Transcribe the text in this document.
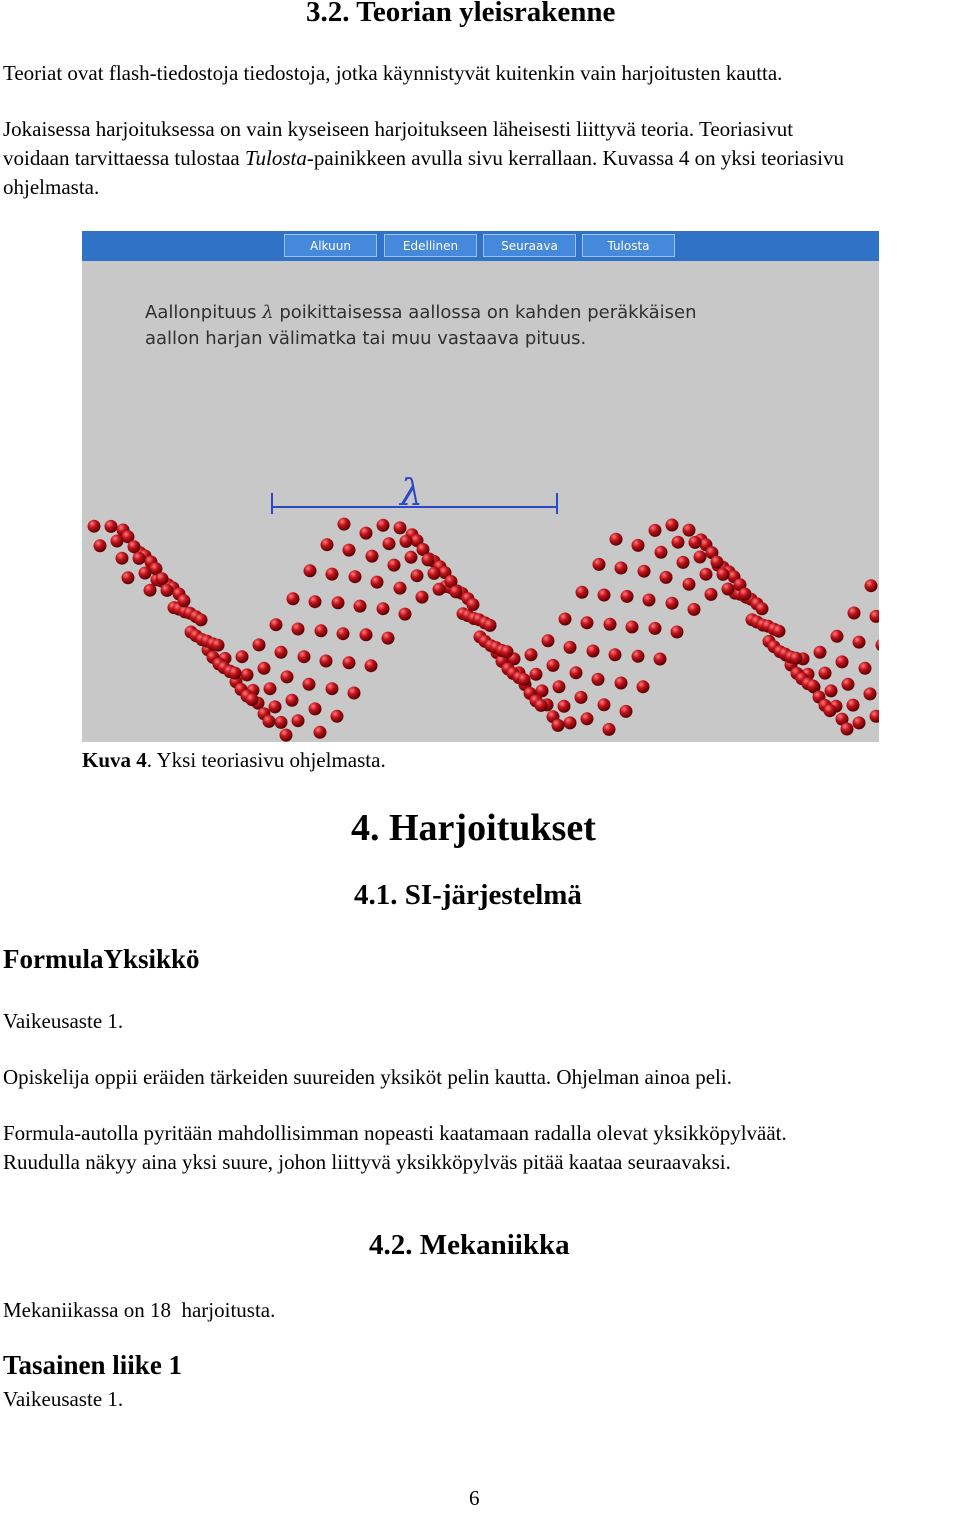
3.2. Teorian yleisrakenne
Teoriat ovat flash-tiedostoja tiedostoja, jotka käynnistyvät kuitenkin vain harjoitusten kautta.
Jokaisessa harjoituksessa on vain kyseiseen harjoitukseen läheisesti liittyvä teoria. Teoriasivut
voidaan tarvittaessa tulostaa Tulosta-painikkeen avulla sivu kerrallaan. Kuvassa 4 on yksi teoriasivu
ohjelmasta.
Alkuun	Edellinen	Seuraava	Tulosta
Aallonpituus λ poikittaisessa aallossa on kahden peräkkäisen
aallon harjan välimatka tai muu vastaava pituus.
λ
Kuva 4. Yksi teoriasivu ohjelmasta.
4. Harjoitukset
4.1. SI-järjestelmä
FormulaYksikkö
Vaikeusaste 1.
Opiskelija oppii eräiden tärkeiden suureiden yksiköt pelin kautta. Ohjelman ainoa peli.
Formula-autolla pyritään mahdollisimman nopeasti kaatamaan radalla olevat yksikköpylväät.
Ruudulla näkyy aina yksi suure, johon liittyvä yksikköpylväs pitää kaataa seuraavaksi.
4.2. Mekaniikka
Mekaniikassa on 18  harjoitusta.
Tasainen liike 1
Vaikeusaste 1.
6
